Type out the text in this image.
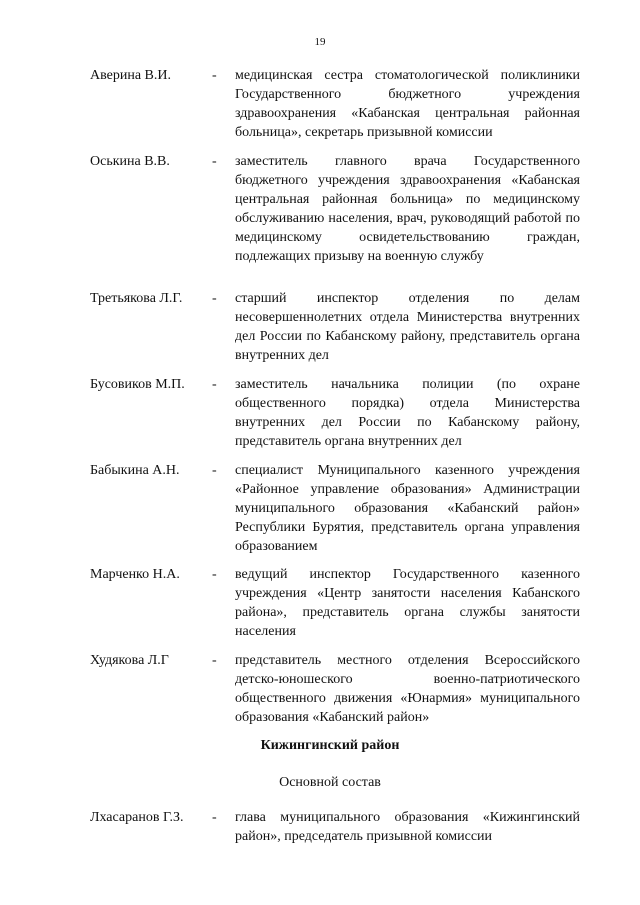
19
Аверина В.И.	- медицинская сестра стоматологической поликлиники Государственного бюджетного учреждения здравоохранения «Кабанская центральная районная больница», секретарь призывной комиссии
Оськина В.В.	- заместитель главного врача Государственного бюджетного учреждения здравоохранения «Кабанская центральная районная больница» по медицинскому обслуживанию населения, врач, руководящий работой по медицинскому освидетельствованию граждан, подлежащих призыву на военную службу
Третьякова Л.Г. - старший инспектор отделения по делам несовершеннолетних отдела Министерства внутренних дел России по Кабанскому району, представитель органа внутренних дел
Бусовиков М.П. - заместитель начальника полиции (по охране общественного порядка) отдела Министерства внутренних дел России по Кабанскому району, представитель органа внутренних дел
Бабыкина А.Н. - специалист Муниципального казенного учреждения «Районное управление образования» Администрации муниципального образования «Кабанский район» Республики Бурятия, представитель органа управления образованием
Марченко Н.А. - ведущий инспектор Государственного казенного учреждения «Центр занятости населения Кабанского района», представитель органа службы занятости населения
Худякова Л.Г	- представитель местного отделения Всероссийского детско-юношеского военно-патриотического общественного движения «Юнармия» муниципального образования «Кабанский район»
Кижингинский район
Основной состав
Лхасаранов Г.З. - глава муниципального образования «Кижингинский район», председатель призывной комиссии
